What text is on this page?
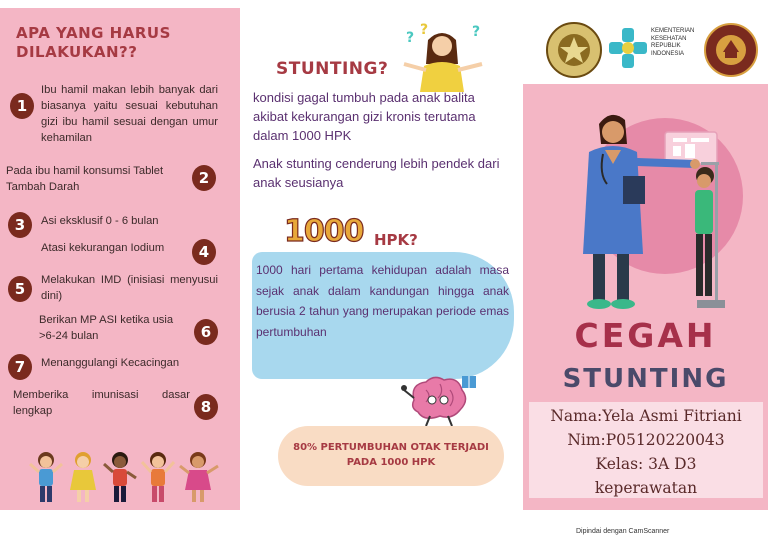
APA YANG HARUS DILAKUKAN??
1
Ibu hamil makan lebih banyak dari biasanya yaitu sesuai kebutuhan gizi ibu hamil sesuai dengan umur kehamilan
2
Pada ibu hamil konsumsi Tablet Tambah Darah
3	Asi eksklusif 0 - 6 bulan
4
Atasi kekurangan Iodium
5	Melakukan IMD (inisiasi menyusui dini)
6
Berikan MP ASI ketika usia >6-24 bulan
7	Menanggulangi Kecacingan
8
Memberika imunisasi dasar lengkap
STUNTING?
? ?	?
kondisi gagal tumbuh pada anak balita akibat kekurangan gizi kronis terutama dalam 1000 HPK
Anak stunting cenderung lebih pendek dari anak seusianya
1000 HPK?
1000 hari pertama kehidupan adalah masa sejak anak dalam kandungan hingga anak berusia 2 tahun yang merupakan periode emas pertumbuhan
80% PERTUMBUHAN OTAK TERJADI PADA 1000 HPK
KEMENTERIAN KESEHATAN REPUBLIK INDONESIA
CEGAH
STUNTING
Nama:Yela Asmi Fitriani
Nim:P05120220043
Kelas: 3A D3
keperawatan
Dipindai dengan CamScanner
